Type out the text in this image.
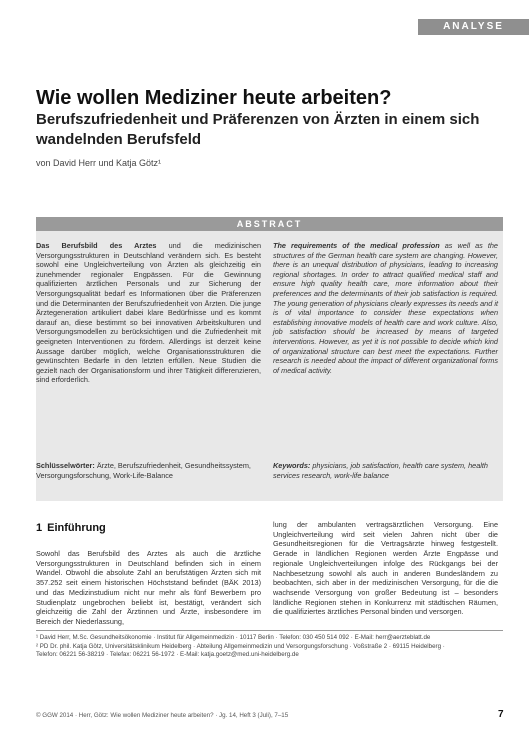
ANALYSE
Wie wollen Mediziner heute arbeiten?
Berufszufriedenheit und Präferenzen von Ärzten in einem sich wandelnden Berufsfeld
von David Herr und Katja Götz¹
ABSTRACT
Das Berufsbild des Arztes und die medizinischen Versorgungsstrukturen in Deutschland verändern sich. Es besteht sowohl eine Ungleichverteilung von Ärzten als gleichzeitig ein zunehmender regionaler Engpässen. Für die Gewinnung qualifizierten ärztlichen Personals und zur Sicherung der Versorgungsqualität bedarf es Informationen über die Präferenzen und die Determinanten der Berufszufriedenheit von Ärzten. Die junge Ärztegeneration artikuliert dabei klare Bedürfnisse und es kommt darauf an, diese bestimmt so bei innovativen Arbeitskulturen und Versorgungsmodellen zu berücksichtigen und die Zufriedenheit mit geeigneten Interventionen zu fördern. Allerdings ist derzeit keine Aussage darüber möglich, welche Organisationsstrukturen die gewünschten Bedarfe in den letzten erfüllen. Neue Studien die gezielt nach der Organisationsform und ihrer Tätigkeit differenzieren, sind erforderlich.
The requirements of the medical profession as well as the structures of the German health care system are changing. However, there is an unequal distribution of physicians, leading to increasing regional shortages. In order to attract qualified medical staff and ensure high quality health care, more information about their preferences and the determinants of their job satisfaction is required. The young generation of physicians clearly expresses its needs and it is of vital importance to consider these expectations when establishing innovative models of health care and work culture. Also, job satisfaction should be increased by means of targeted interventions. However, as yet it is not possible to decide which kind of organizational structure can best meet the expectations. Further research is needed about the impact of different organizational forms of medical activity.
Schlüsselwörter: Ärzte, Berufszufriedenheit, Gesundheitssystem, Versorgungsforschung, Work-Life-Balance
Keywords: physicians, job satisfaction, health care system, health services research, work-life balance
1 Einführung
Sowohl das Berufsbild des Arztes als auch die ärztliche Versorgungsstrukturen in Deutschland befinden sich in einem Wandel. Obwohl die absolute Zahl an berufstätigen Ärzten sich mit 357.252 seit einem historischen Höchststand befindet (BÄK 2013) und das Medizinstudium nicht nur mehr als fünf Bewerbern pro Studienplatz ungebrochen beliebt ist, bestätigt, verändert sich gleichzeitig die Zahl der Ärztinnen und Ärzte, insbesondere im Bereich der Niederlassung,
lung der ambulanten vertragsärztlichen Versorgung. Eine Ungleichverteilung wird seit vielen Jahren nicht über die Gesundheitsregionen für die Vertragsärzte hinweg festgestellt. Gerade in ländlichen Regionen werden Ärzte Engpässe und regionale Ungleichverteilungen infolge des Rückgangs bei der Nachbesetzung sowohl als auch in anderen Bundesländern zu beobachten, sich aber in der medizinischen Versorgung, für die die wachsende Versorgung von großer Bedeutung ist – besonders ländliche Regionen stehen in Konkurrenz mit städtischen Räumen, die qualifiziertes ärztliches Personal binden und versorgen.
¹ David Herr, M.Sc. Gesundheitsökonomie · Institut für Allgemeinmedizin · 10117 Berlin · Telefon: 030 450 514 092 · E-Mail: herr@aerzteblatt.de
² PD Dr. phil. Katja Götz, Universitätsklinikum Heidelberg · Abteilung Allgemeinmedizin und Versorgungsforschung · Voßstraße 2 · 69115 Heidelberg ·
Telefon: 06221 56-38219 · Telefax: 06221 56-1972 · E-Mail: katja.goetz@med.uni-heidelberg.de
© GGW 2014 · Herr, Götz: Wie wollen Mediziner heute arbeiten? · Jg. 14, Heft 3 (Juli), 7–15	7
